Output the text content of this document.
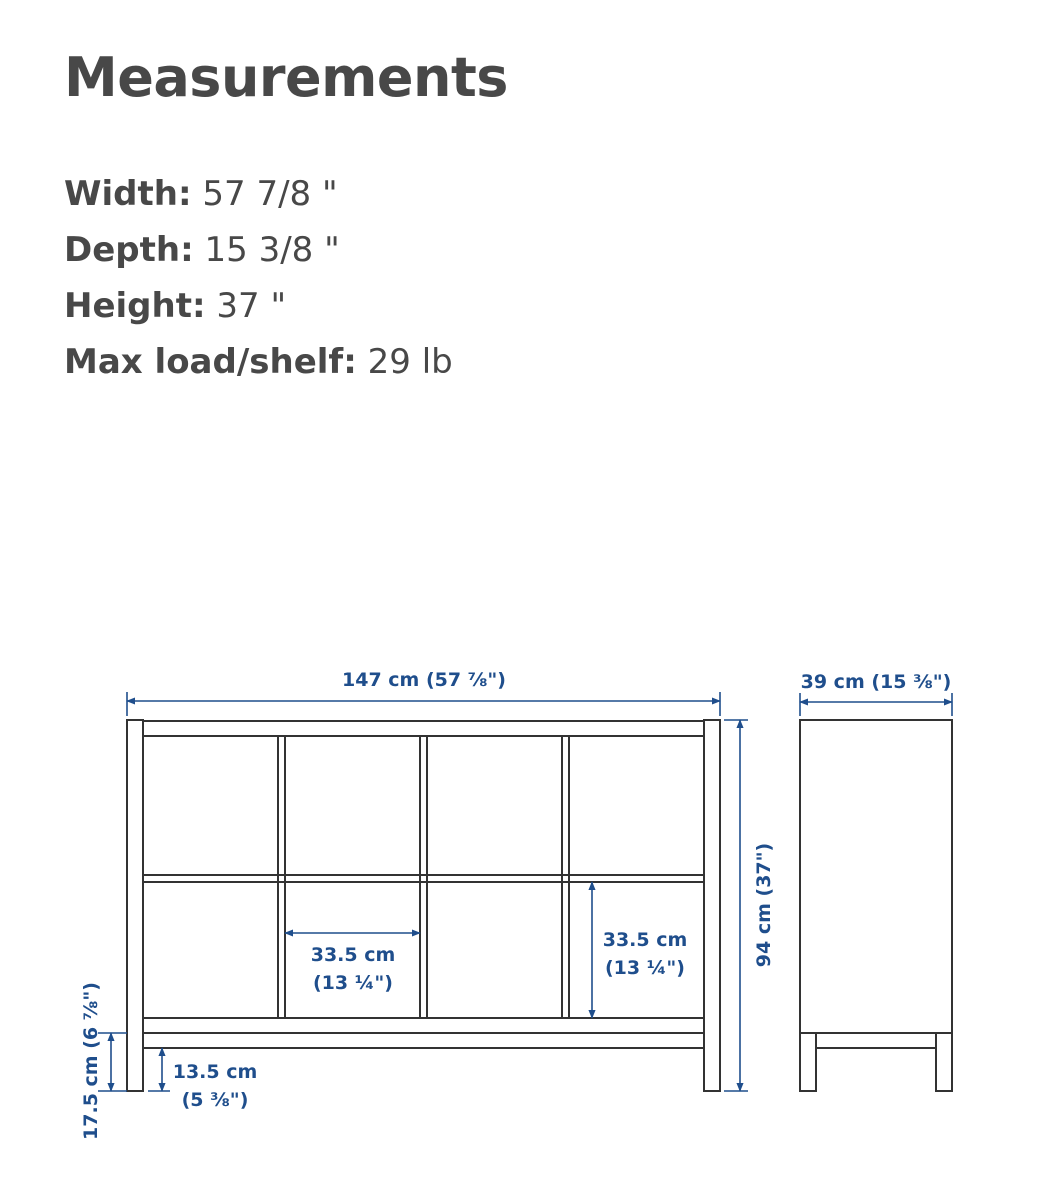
Measurements
Width: 57 7/8 "
Depth: 15 3/8 "
Height: 37 "
Max load/shelf: 29 lb
147 cm (57 ⅞")	39 cm (15 ⅜")
94 cm (37")
33.5 cm
(13 ¼")
33.5 cm
(13 ¼")
13.5 cm
(5 ⅜")
17.5 cm (6 ⅞")
